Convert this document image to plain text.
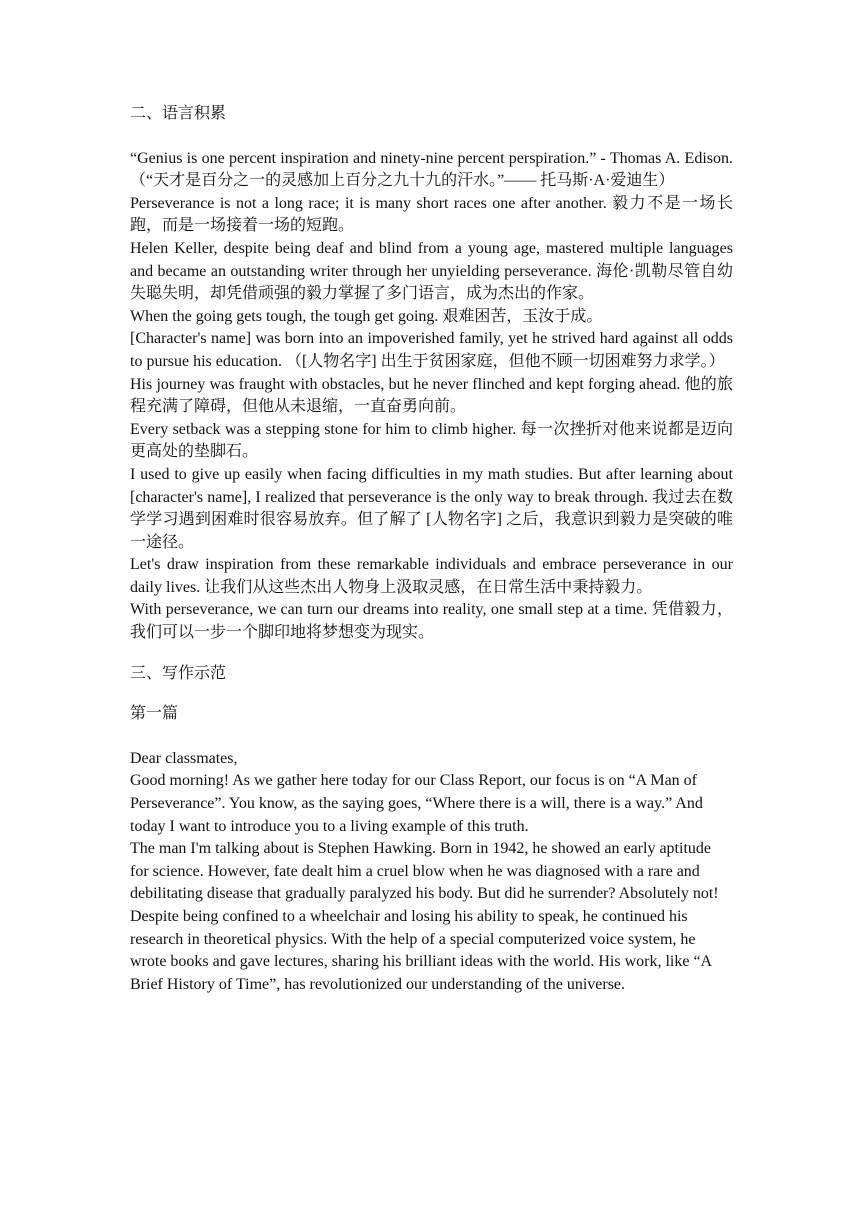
二、语言积累

“Genius is one percent inspiration and ninety-nine percent perspiration.” - Thomas A. Edison. （“天才是百分之一的灵感加上百分之九十九的汗水。”—— 托马斯·A·爱迪生）

Perseverance is not a long race; it is many short races one after another. 毅力不是一场长跑，而是一场接着一场的短跑。

Helen Keller, despite being deaf and blind from a young age, mastered multiple languages and became an outstanding writer through her unyielding perseverance. 海伦·凯勒尽管自幼失聪失明，却凭借顽强的毅力掌握了多门语言，成为杰出的作家。

When the going gets tough, the tough get going. 艰难困苦，玉汝于成。

[Character's name] was born into an impoverished family, yet he strived hard against all odds to pursue his education. （[人物名字] 出生于贫困家庭，但他不顾一切困难努力求学。）

His journey was fraught with obstacles, but he never flinched and kept forging ahead. 他的旅程充满了障碍，但他从未退缩，一直奋勇向前。

Every setback was a stepping stone for him to climb higher. 每一次挫折对他来说都是迈向更高处的垫脚石。

I used to give up easily when facing difficulties in my math studies. But after learning about [character's name], I realized that perseverance is the only way to break through. 我过去在数学学习遇到困难时很容易放弃。但了解了 [人物名字] 之后，我意识到毅力是突破的唯一途径。

Let's draw inspiration from these remarkable individuals and embrace perseverance in our daily lives. 让我们从这些杰出人物身上汲取灵感，在日常生活中秉持毅力。

With perseverance, we can turn our dreams into reality, one small step at a time. 凭借毅力，我们可以一步一个脚印地将梦想变为现实。

三、写作示范

第一篇

Dear classmates,

Good morning! As we gather here today for our Class Report, our focus is on “A Man of Perseverance”. You know, as the saying goes, “Where there is a will, there is a way.” And today I want to introduce you to a living example of this truth.

The man I'm talking about is Stephen Hawking. Born in 1942, he showed an early aptitude for science. However, fate dealt him a cruel blow when he was diagnosed with a rare and debilitating disease that gradually paralyzed his body. But did he surrender? Absolutely not! Despite being confined to a wheelchair and losing his ability to speak, he continued his research in theoretical physics. With the help of a special computerized voice system, he wrote books and gave lectures, sharing his brilliant ideas with the world. His work, like “A Brief History of Time”, has revolutionized our understanding of the universe.
